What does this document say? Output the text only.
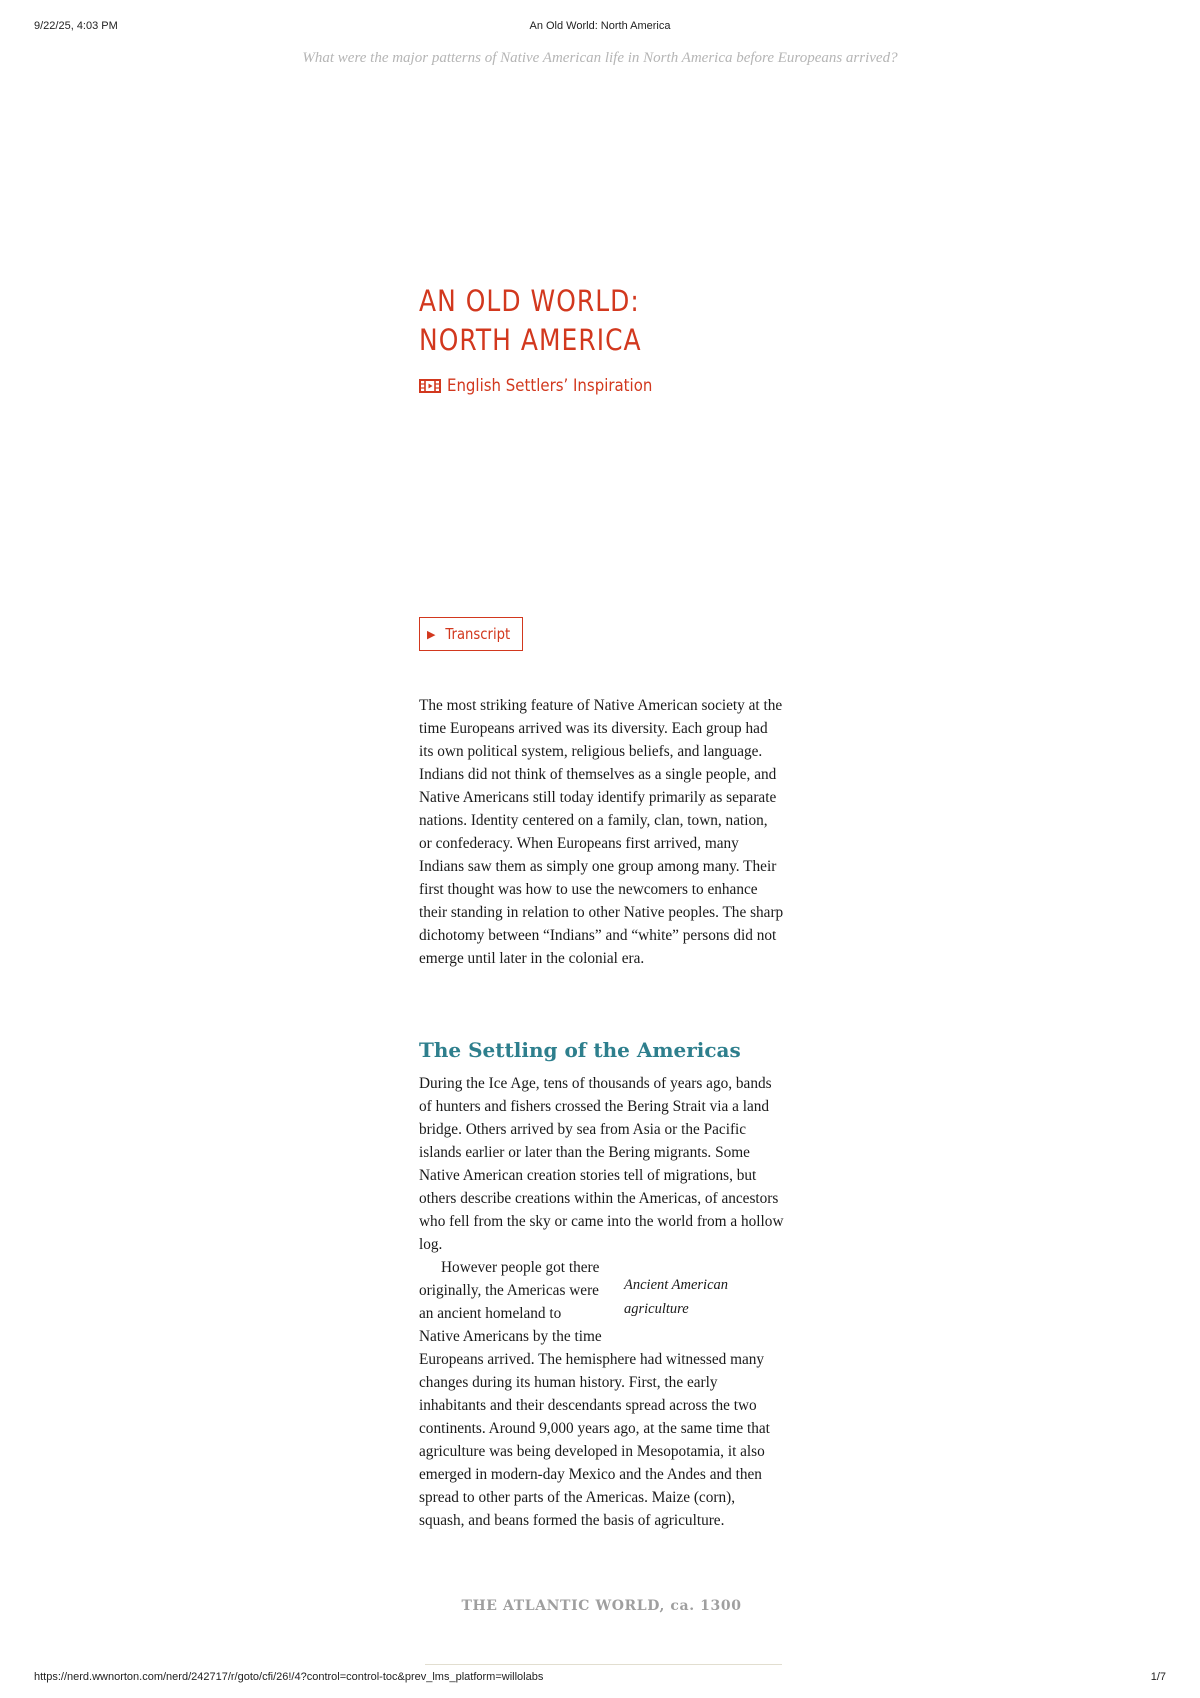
9/22/25, 4:03 PM	An Old World: North America
What were the major patterns of Native American life in North America before Europeans arrived?
AN OLD WORLD: NORTH AMERICA
English Settlers’ Inspiration
▶ Transcript

The most striking feature of Native American society at the time Europeans arrived was its diversity. Each group had its own political system, religious beliefs, and language. Indians did not think of themselves as a single people, and Native Americans still today identify primarily as separate nations. Identity centered on a family, clan, town, nation, or confederacy. When Europeans first arrived, many Indians saw them as simply one group among many. Their first thought was how to use the newcomers to enhance their standing in relation to other Native peoples. The sharp dichotomy between “Indians” and “white” persons did not emerge until later in the colonial era.

The Settling of the Americas

During the Ice Age, tens of thousands of years ago, bands of hunters and fishers crossed the Bering Strait via a land bridge. Others arrived by sea from Asia or the Pacific islands earlier or later than the Bering migrants. Some Native American creation stories tell of migrations, but others describe creations within the Americas, of ancestors who fell from the sky or came into the world from a hollow log.

Ancient American agriculture

However people got there originally, the Americas were an ancient homeland to Native Americans by the time Europeans arrived. The hemisphere had witnessed many changes during its human history. First, the early inhabitants and their descendants spread across the two continents. Around 9,000 years ago, at the same time that agriculture was being developed in Mesopotamia, it also emerged in modern-day Mexico and the Andes and then spread to other parts of the Americas. Maize (corn), squash, and beans formed the basis of agriculture.

THE ATLANTIC WORLD, ca. 1300
https://nerd.wwnorton.com/nerd/242717/r/goto/cfi/26!/4?control=control-toc&prev_lms_platform=willolabs	1/7
